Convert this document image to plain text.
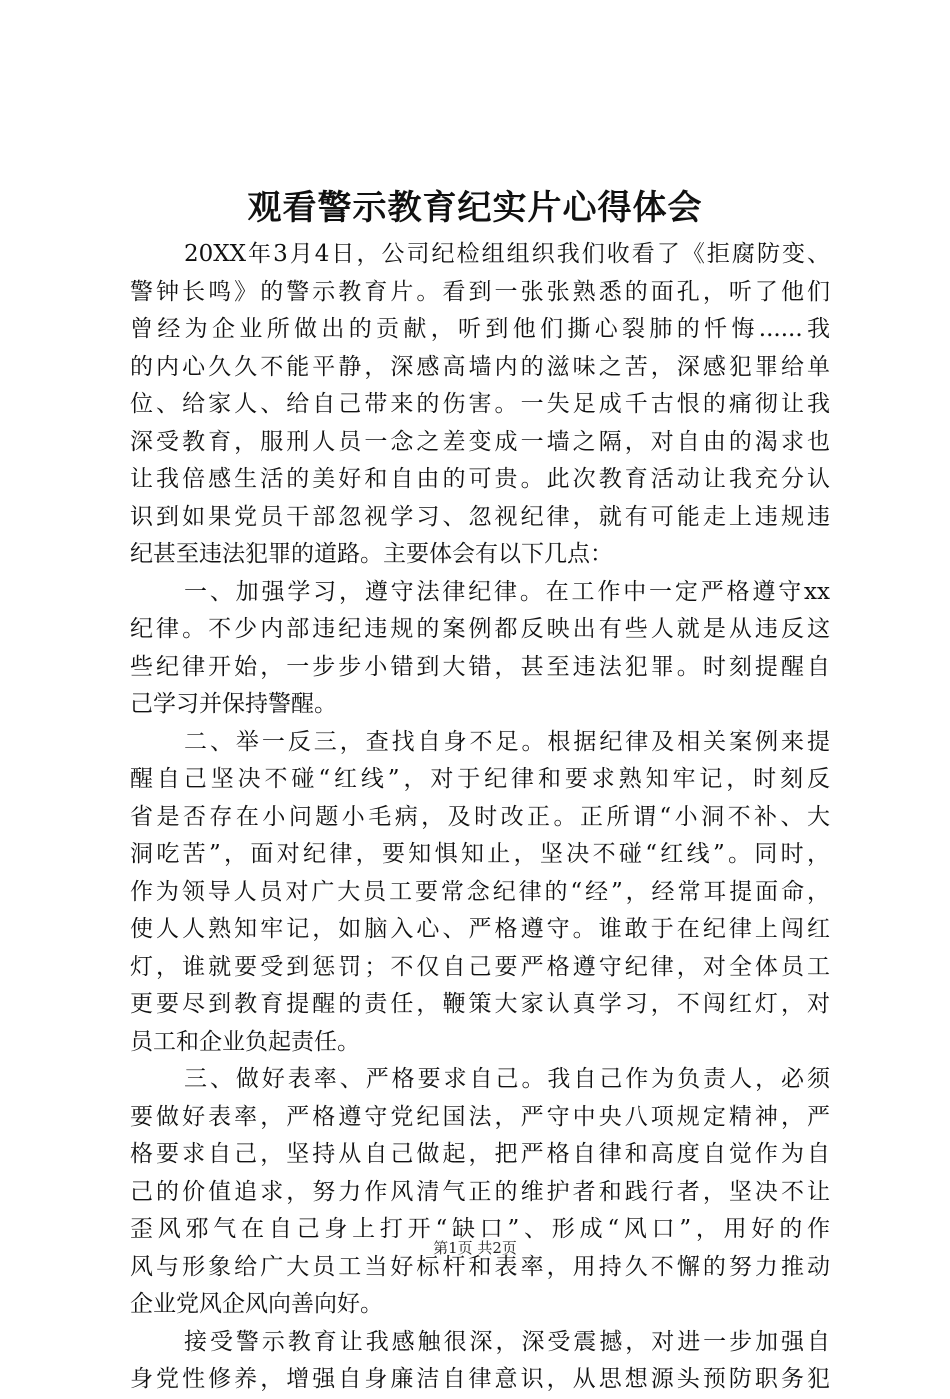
观看警示教育纪实片心得体会
20XX年3月4日，公司纪检组组织我们收看了《拒腐防变、
警钟长鸣》的警示教育片。看到一张张熟悉的面孔，听了他们
曾经为企业所做出的贡献，听到他们撕心裂肺的忏悔......我
的内心久久不能平静，深感高墙内的滋味之苦，深感犯罪给单
位、给家人、给自己带来的伤害。一失足成千古恨的痛彻让我
深受教育，服刑人员一念之差变成一墙之隔，对自由的渴求也
让我倍感生活的美好和自由的可贵。此次教育活动让我充分认
识到如果党员干部忽视学习、忽视纪律，就有可能走上违规违
纪甚至违法犯罪的道路。主要体会有以下几点：
一、加强学习，遵守法律纪律。在工作中一定严格遵守xx
纪律。不少内部违纪违规的案例都反映出有些人就是从违反这
些纪律开始，一步步小错到大错，甚至违法犯罪。时刻提醒自
己学习并保持警醒。
二、举一反三，查找自身不足。根据纪律及相关案例来提
醒自己坚决不碰“红线”，对于纪律和要求熟知牢记，时刻反
省是否存在小问题小毛病，及时改正。正所谓“小洞不补、大
洞吃苦”，面对纪律，要知惧知止，坚决不碰“红线”。同时，
作为领导人员对广大员工要常念纪律的“经”，经常耳提面命，
使人人熟知牢记，如脑入心、严格遵守。谁敢于在纪律上闯红
灯，谁就要受到惩罚；不仅自己要严格遵守纪律，对全体员工
更要尽到教育提醒的责任，鞭策大家认真学习，不闯红灯，对
员工和企业负起责任。
三、做好表率、严格要求自己。我自己作为负责人，必须
要做好表率，严格遵守党纪国法，严守中央八项规定精神，严
格要求自己，坚持从自己做起，把严格自律和高度自觉作为自
己的价值追求，努力作风清气正的维护者和践行者，坚决不让
歪风邪气在自己身上打开“缺口”、形成“风口”，用好的作
风与形象给广大员工当好标杆和表率，用持久不懈的努力推动
企业党风企风向善向好。
接受警示教育让我感触很深，深受震撼，对进一步加强自
身党性修养，增强自身廉洁自律意识，从思想源头预防职务犯
第1页 共2页
